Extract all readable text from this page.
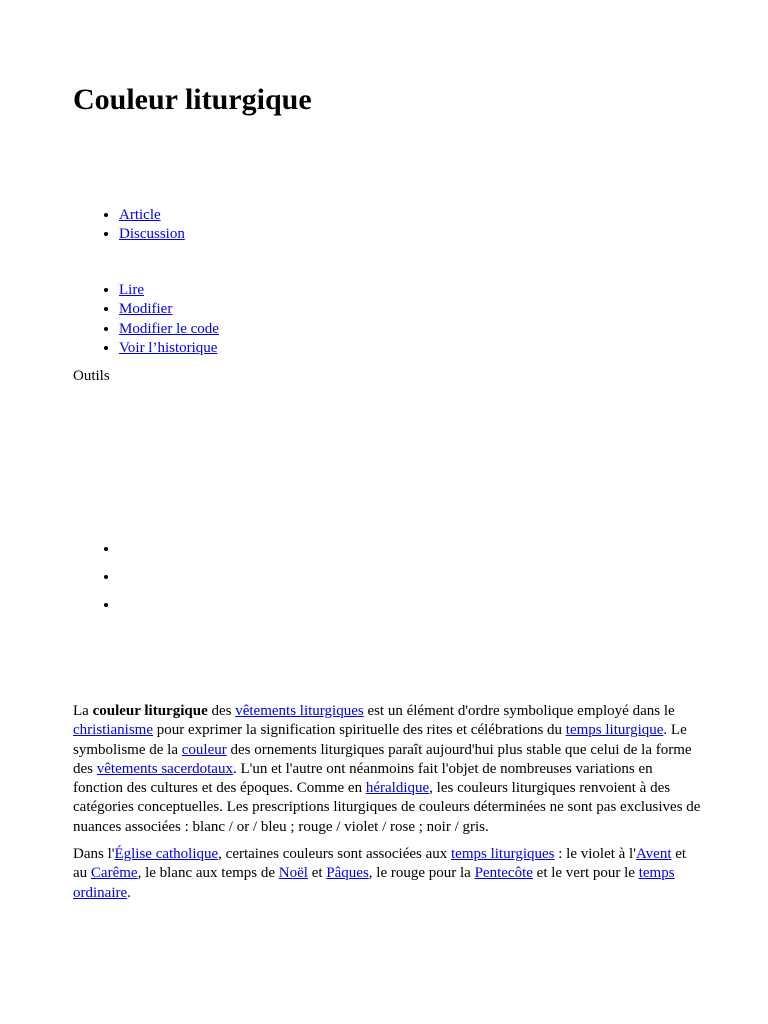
Couleur liturgique
• Article
• Discussion
• Lire
• Modifier
• Modifier le code
• Voir l’historique
Outils

La couleur liturgique des vêtements liturgiques est un élément d'ordre symbolique employé dans le christianisme pour exprimer la signification spirituelle des rites et célébrations du temps liturgique. Le symbolisme de la couleur des ornements liturgiques paraît aujourd'hui plus stable que celui de la forme des vêtements sacerdotaux. L'un et l'autre ont néanmoins fait l'objet de nombreuses variations en fonction des cultures et des époques. Comme en héraldique, les couleurs liturgiques renvoient à des catégories conceptuelles. Les prescriptions liturgiques de couleurs déterminées ne sont pas exclusives de nuances associées : blanc / or / bleu ; rouge / violet / rose ; noir / gris.

Dans l'Église catholique, certaines couleurs sont associées aux temps liturgiques : le violet à l'Avent et au Carême, le blanc aux temps de Noël et Pâques, le rouge pour la Pentecôte et le vert pour le temps ordinaire.
